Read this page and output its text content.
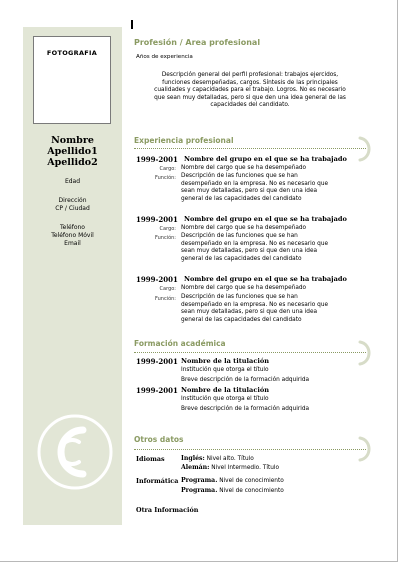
FOTOGRAFIA
Nombre
Apellido1
Apellido2
Edad
Dirección
CP / Ciudad
Teléfono
Teléfono Móvil
Email
Profesión / Area profesional
Años de experiencia
Descripción general del perfil profesional: trabajos ejercidos,
funciones desempeñadas, cargos. Síntesis de las principales
cualidades y capacidades para el trabajo. Logros. No es necesario
que sean muy detalladas, pero si que den una idea general de las
capacidades del candidato.
Experiencia profesional
1999-2001 Nombre del grupo en el que se ha trabajado
Cargo: Nombre del cargo que se ha desempeñado
Función: Descripción de las funciones que se han
desempeñado en la empresa. No es necesario que
sean muy detalladas, pero si que den una idea
general de las capacidades del candidato
1999-2001 Nombre del grupo en el que se ha trabajado
Cargo: Nombre del cargo que se ha desempeñado
Función: Descripción de las funciones que se han
desempeñado en la empresa. No es necesario que
sean muy detalladas, pero si que den una idea
general de las capacidades del candidato
1999-2001 Nombre del grupo en el que se ha trabajado
Cargo: Nombre del cargo que se ha desempeñado
Función: Descripción de las funciones que se han
desempeñado en la empresa. No es necesario que
sean muy detalladas, pero si que den una idea
general de las capacidades del candidato
Formación académica
1999-2001 Nombre de la titulación
Institución que otorga el título
Breve descripción de la formación adquirida
1999-2001 Nombre de la titulación
Institución que otorga el título
Breve descripción de la formación adquirida
Otros datos
Idiomas	Inglés: Nivel alto. Título
Alemán: Nivel Intermedio. Título
Informática Programa. Nivel de conocimiento
Programa. Nivel de conocimiento
Otra Información
